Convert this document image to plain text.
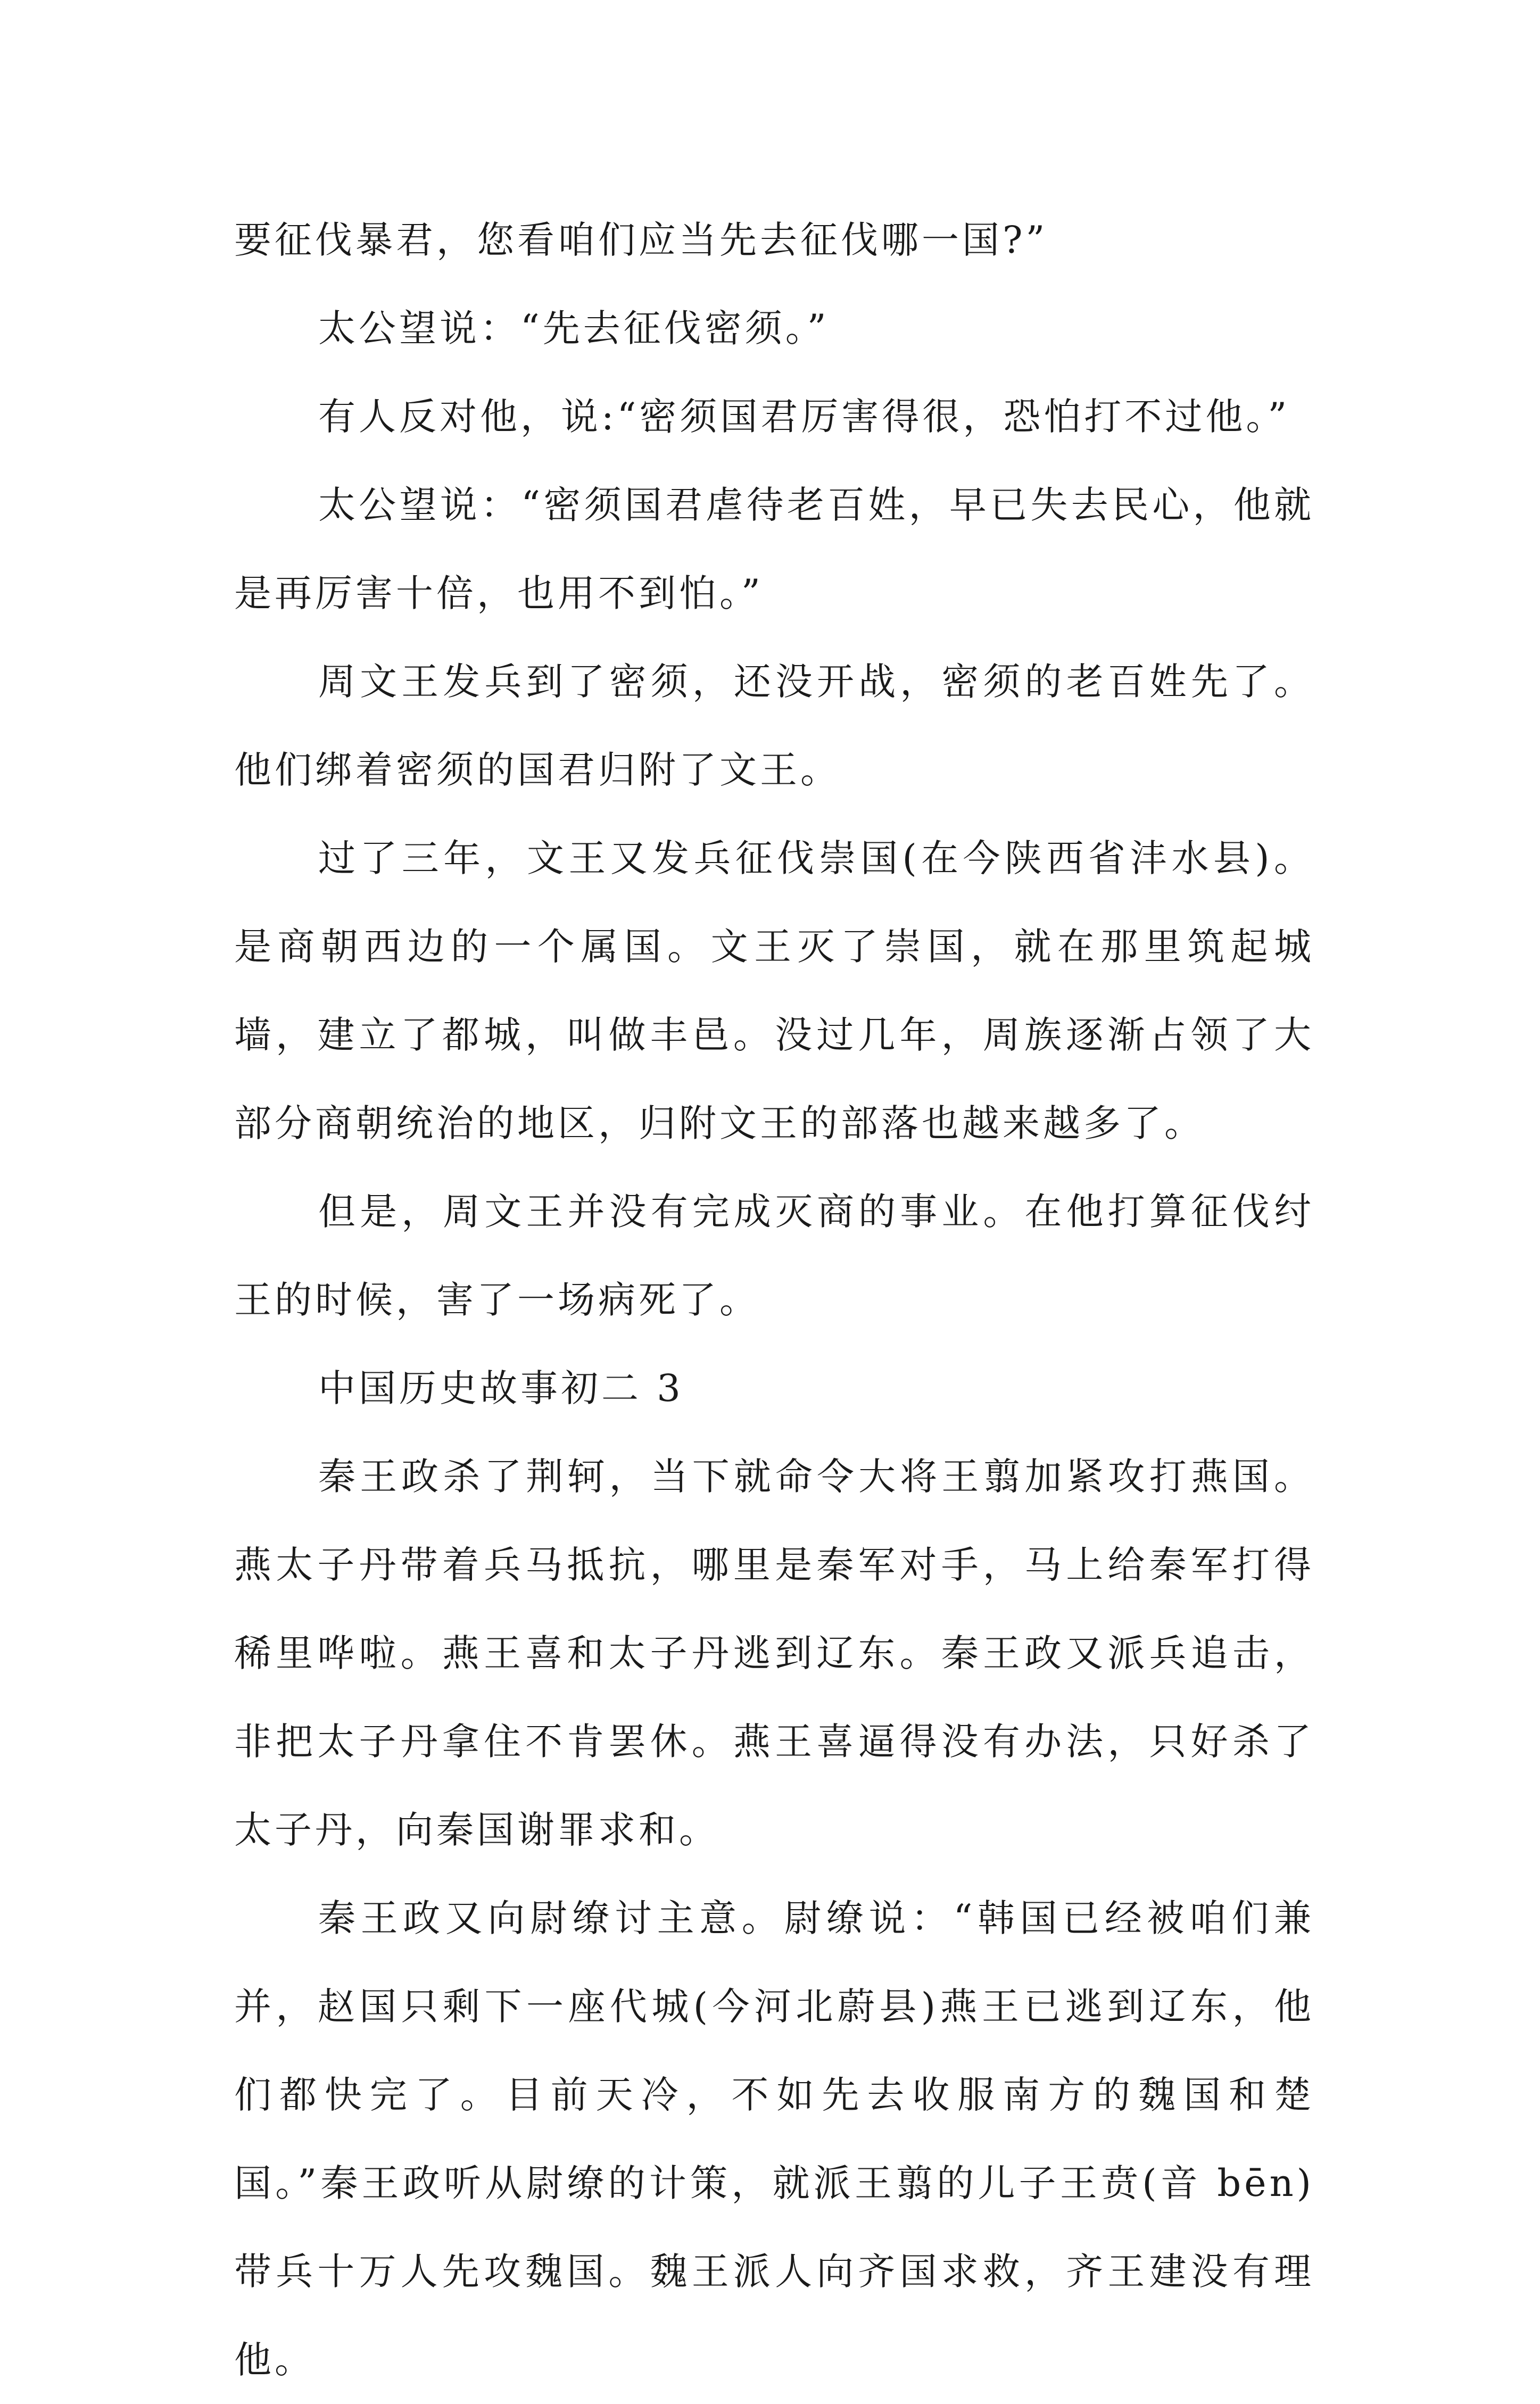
要征伐暴君，您看咱们应当先去征伐哪一国?”

太公望说：“先去征伐密须。”

有人反对他，说:“密须国君厉害得很，恐怕打不过他。”

太公望说：“密须国君虐待老百姓，早已失去民心，他就是再厉害十倍，也用不到怕。”

周文王发兵到了密须，还没开战，密须的老百姓先了。他们绑着密须的国君归附了文王。

过了三年，文王又发兵征伐崇国(在今陕西省沣水县)。是商朝西边的一个属国。文王灭了崇国，就在那里筑起城墙，建立了都城，叫做丰邑。没过几年，周族逐渐占领了大部分商朝统治的地区，归附文王的部落也越来越多了。

但是，周文王并没有完成灭商的事业。在他打算征伐纣王的时候，害了一场病死了。

中国历史故事初二 3

秦王政杀了荆轲，当下就命令大将王翦加紧攻打燕国。燕太子丹带着兵马抵抗，哪里是秦军对手，马上给秦军打得稀里哗啦。燕王喜和太子丹逃到辽东。秦王政又派兵追击，非把太子丹拿住不肯罢休。燕王喜逼得没有办法，只好杀了太子丹，向秦国谢罪求和。

秦王政又向尉缭讨主意。尉缭说：“韩国已经被咱们兼并，赵国只剩下一座代城(今河北蔚县)燕王已逃到辽东，他们都快完了。目前天冷，不如先去收服南方的魏国和楚国。”秦王政听从尉缭的计策，就派王翦的儿子王贲(音 bēn)带兵十万人先攻魏国。魏王派人向齐国求救，齐王建没有理他。
